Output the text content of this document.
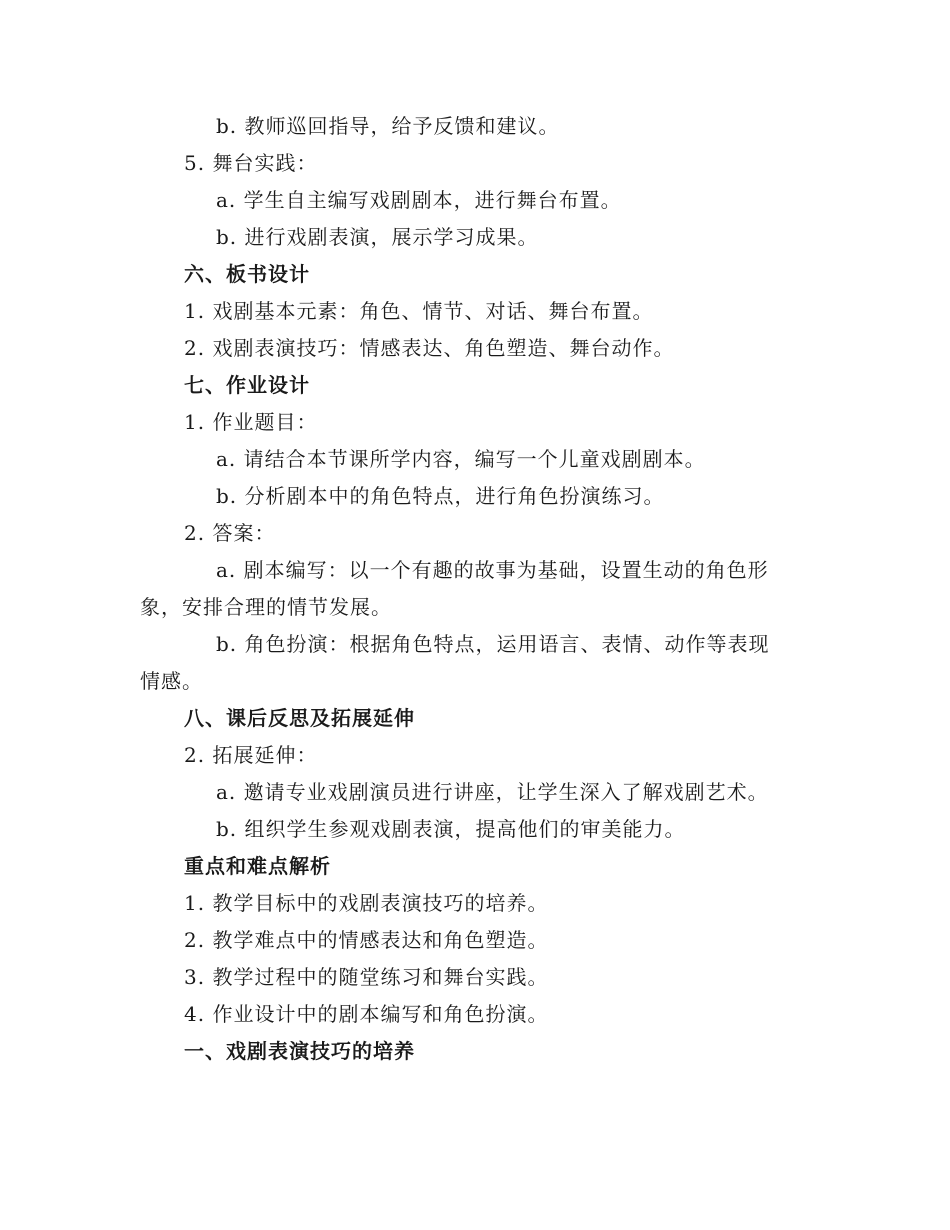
b. 教师巡回指导，给予反馈和建议。
5. 舞台实践：
a. 学生自主编写戏剧剧本，进行舞台布置。
b. 进行戏剧表演，展示学习成果。
六、板书设计
1. 戏剧基本元素：角色、情节、对话、舞台布置。
2. 戏剧表演技巧：情感表达、角色塑造、舞台动作。
七、作业设计
1. 作业题目：
a. 请结合本节课所学内容，编写一个儿童戏剧剧本。
b. 分析剧本中的角色特点，进行角色扮演练习。
2. 答案：
a. 剧本编写：以一个有趣的故事为基础，设置生动的角色形
象，安排合理的情节发展。
b. 角色扮演：根据角色特点，运用语言、表情、动作等表现
情感。
八、课后反思及拓展延伸
2. 拓展延伸：
a. 邀请专业戏剧演员进行讲座，让学生深入了解戏剧艺术。
b. 组织学生参观戏剧表演，提高他们的审美能力。
重点和难点解析
1. 教学目标中的戏剧表演技巧的培养。
2. 教学难点中的情感表达和角色塑造。
3. 教学过程中的随堂练习和舞台实践。
4. 作业设计中的剧本编写和角色扮演。
一、戏剧表演技巧的培养
